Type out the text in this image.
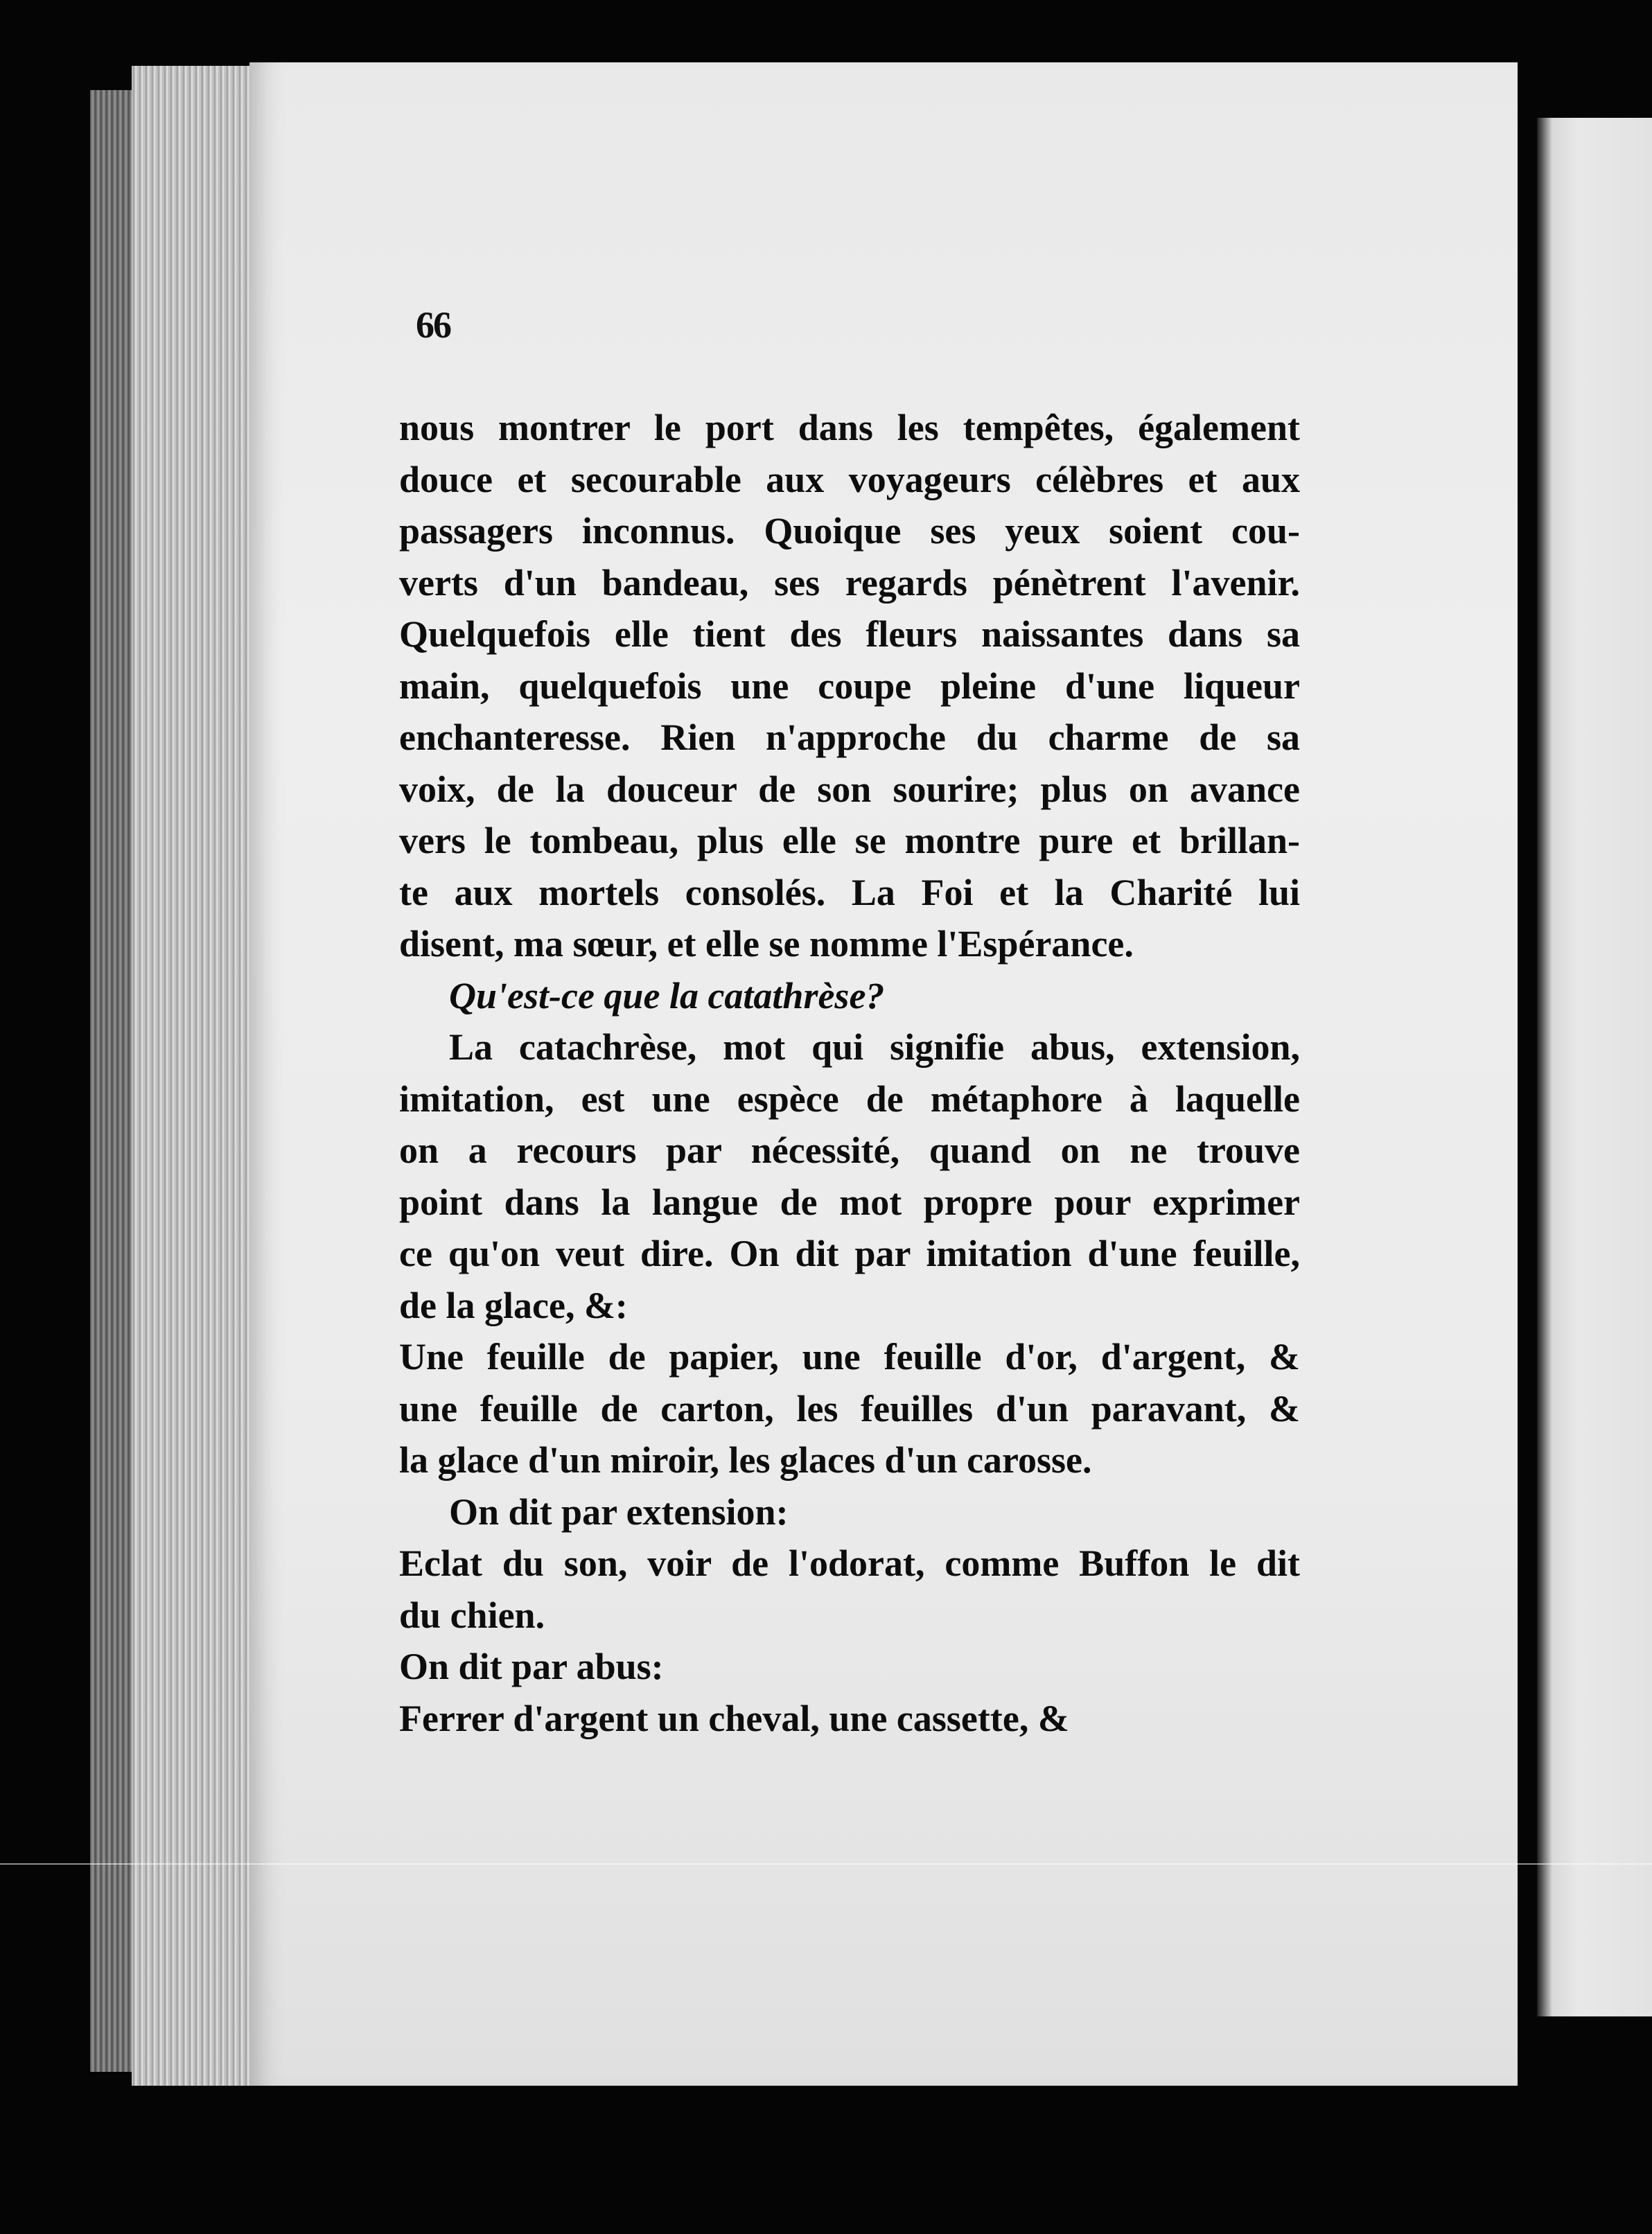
66
nous montrer le port dans les tempêtes, également
douce et secourable aux voyageurs célèbres et aux
passagers inconnus. Quoique ses yeux soient cou-
verts d'un bandeau, ses regards pénètrent l'avenir.
Quelquefois elle tient des fleurs naissantes dans sa
main, quelquefois une coupe pleine d'une liqueur
enchanteresse. Rien n'approche du charme de sa
voix, de la douceur de son sourire; plus on avance
vers le tombeau, plus elle se montre pure et brillan-
te aux mortels consolés. La Foi et la Charité lui
disent, ma sœur, et elle se nomme l'Espérance.
Qu'est-ce que la catathrèse?
La catachrèse, mot qui signifie abus, extension,
imitation, est une espèce de métaphore à laquelle
on a recours par nécessité, quand on ne trouve
point dans la langue de mot propre pour exprimer
ce qu'on veut dire. On dit par imitation d'une feuille,
de la glace, &:
Une feuille de papier, une feuille d'or, d'argent, &
une feuille de carton, les feuilles d'un paravant, &
la glace d'un miroir, les glaces d'un carosse.
On dit par extension:
Eclat du son, voir de l'odorat, comme Buffon le dit
du chien.
On dit par abus:
Ferrer d'argent un cheval, une cassette, &
